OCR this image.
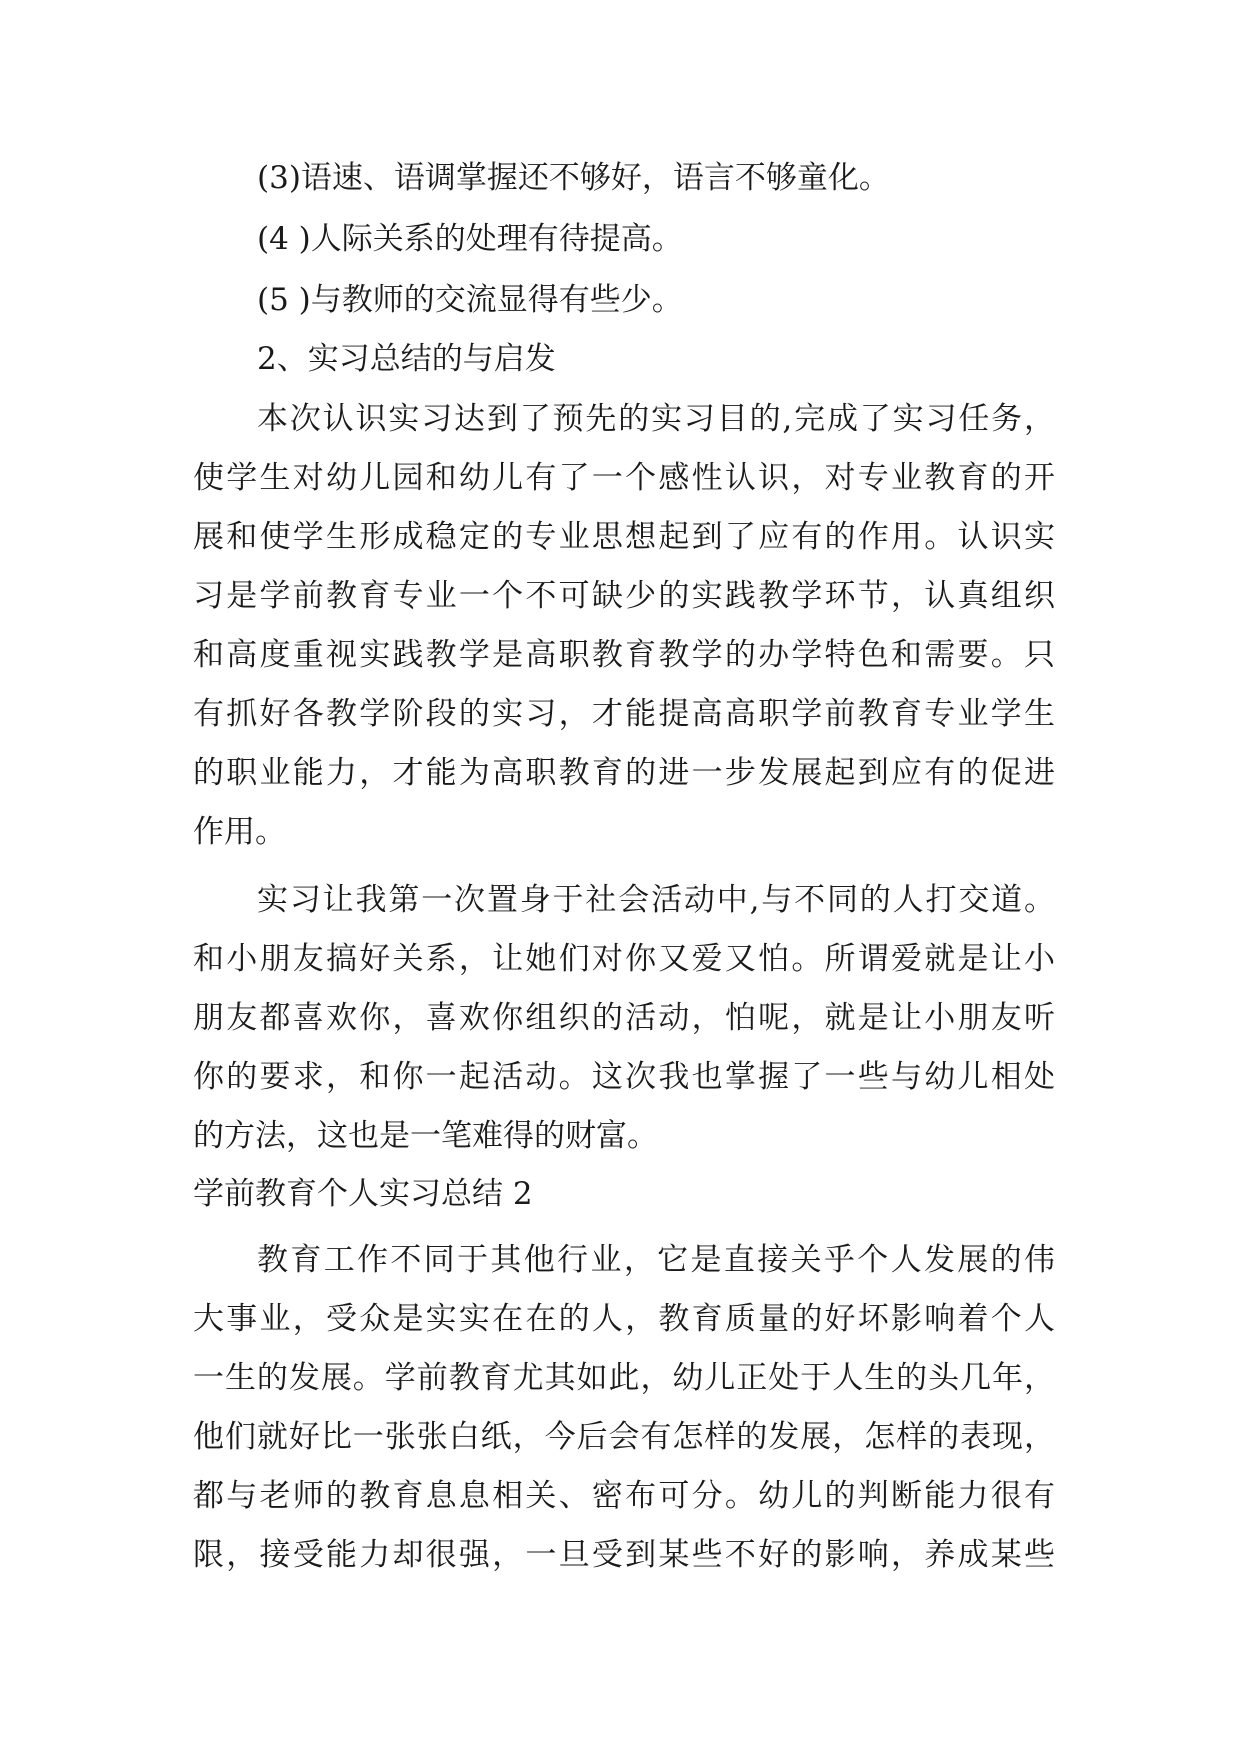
(3)语速、语调掌握还不够好，语言不够童化。
(4 )人际关系的处理有待提高。
(5 )与教师的交流显得有些少。
2、实习总结的与启发
本次认识实习达到了预先的实习目的,完成了实习任务，
使学生对幼儿园和幼儿有了一个感性认识，对专业教育的开
展和使学生形成稳定的专业思想起到了应有的作用。认识实
习是学前教育专业一个不可缺少的实践教学环节，认真组织
和高度重视实践教学是高职教育教学的办学特色和需要。只
有抓好各教学阶段的实习，才能提高高职学前教育专业学生
的职业能力，才能为高职教育的进一步发展起到应有的促进
作用。
实习让我第一次置身于社会活动中,与不同的人打交道。
和小朋友搞好关系，让她们对你又爱又怕。所谓爱就是让小
朋友都喜欢你，喜欢你组织的活动，怕呢，就是让小朋友听
你的要求，和你一起活动。这次我也掌握了一些与幼儿相处
的方法，这也是一笔难得的财富。
学前教育个人实习总结 2
教育工作不同于其他行业，它是直接关乎个人发展的伟
大事业，受众是实实在在的人，教育质量的好坏影响着个人
一生的发展。学前教育尤其如此，幼儿正处于人生的头几年，
他们就好比一张张白纸，今后会有怎样的发展，怎样的表现，
都与老师的教育息息相关、密布可分。幼儿的判断能力很有
限，接受能力却很强，一旦受到某些不好的影响，养成某些
